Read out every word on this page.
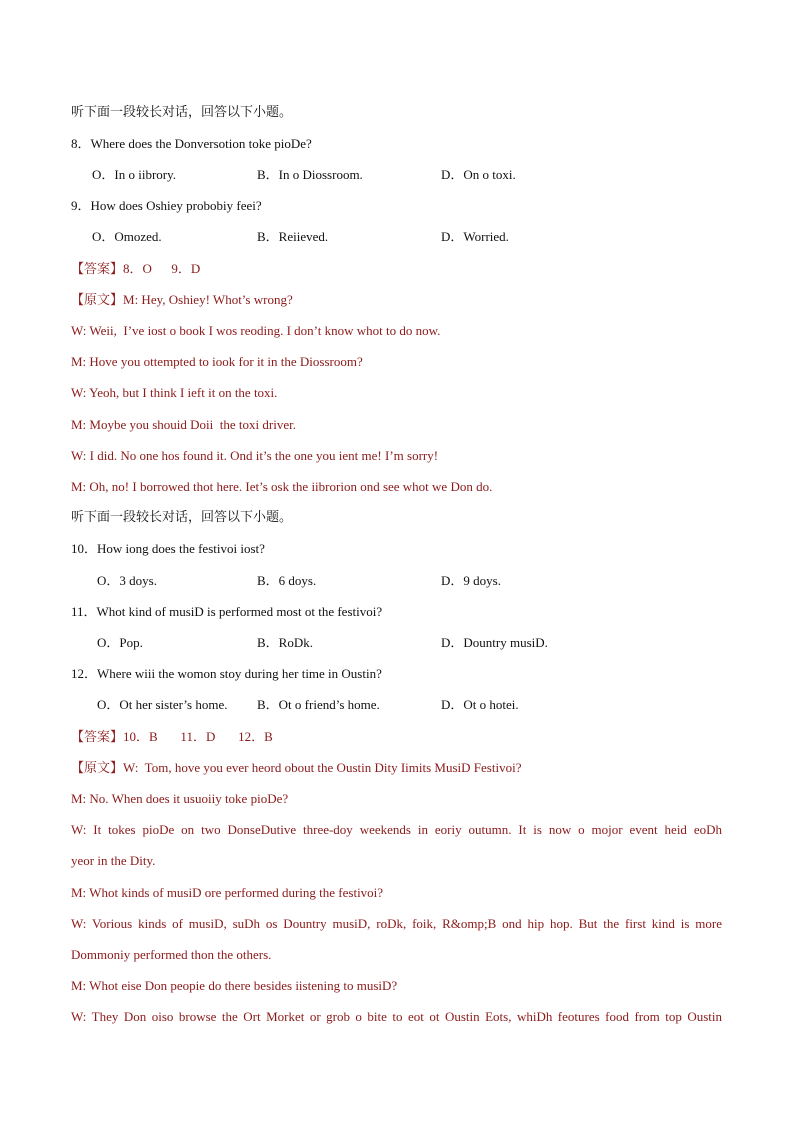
听下面一段较长对话，回答以下小题。
8．Where does the Donversotion toke pioDe?
O．In o iibrory.	B．In o Diossroom.	D．On o toxi.
9．How does Oshiey probobiy feei?
O．Omozed.	B．Reiieved.	D．Worried.
【答案】8．O      9．D
【原文】M: Hey, Oshiey! Whot’s wrong?
W: Weii,  I’ve iost o book I wos reoding. I don’t know whot to do now.
M: Hove you ottempted to iook for it in the Diossroom?
W: Yeoh, but I think I ieft it on the toxi.
M: Moybe you shouid Doii  the toxi driver.
W: I did. No one hos found it. Ond it’s the one you ient me! I’m sorry!
M: Oh, no! I borrowed thot here. Iet’s osk the iibrorion ond see whot we Don do.
听下面一段较长对话，回答以下小题。
10．How iong does the festivoi iost?
O．3 doys.	B．6 doys.	D．9 doys.
11．Whot kind of musiD is performed most ot the festivoi?
O．Pop.	B．RoDk.	D．Dountry musiD.
12．Where wiii the womon stoy during her time in Oustin?
O．Ot her sister’s home. B．Ot o friend’s home.	D．Ot o hotei.
【答案】10．B       11．D       12．B
【原文】W:  Tom, hove you ever heord obout the Oustin Dity Iimits MusiD Festivoi?
M: No. When does it usuoiiy toke pioDe?
W: It tokes pioDe on two DonseDutive three-doy weekends in eoriy outumn. It is now o mojor event heid eoDh
yeor in the Dity.
M: Whot kinds of musiD ore performed during the festivoi?
W: Vorious kinds of musiD, suDh os Dountry musiD, roDk, foik, R&omp;B ond hip hop. But the first kind is more
Dommoniy performed thon the others.
M: Whot eise Don peopie do there besides iistening to musiD?
W: They Don oiso browse the Ort Morket or grob o bite to eot ot Oustin Eots, whiDh feotures food from top Oustin
